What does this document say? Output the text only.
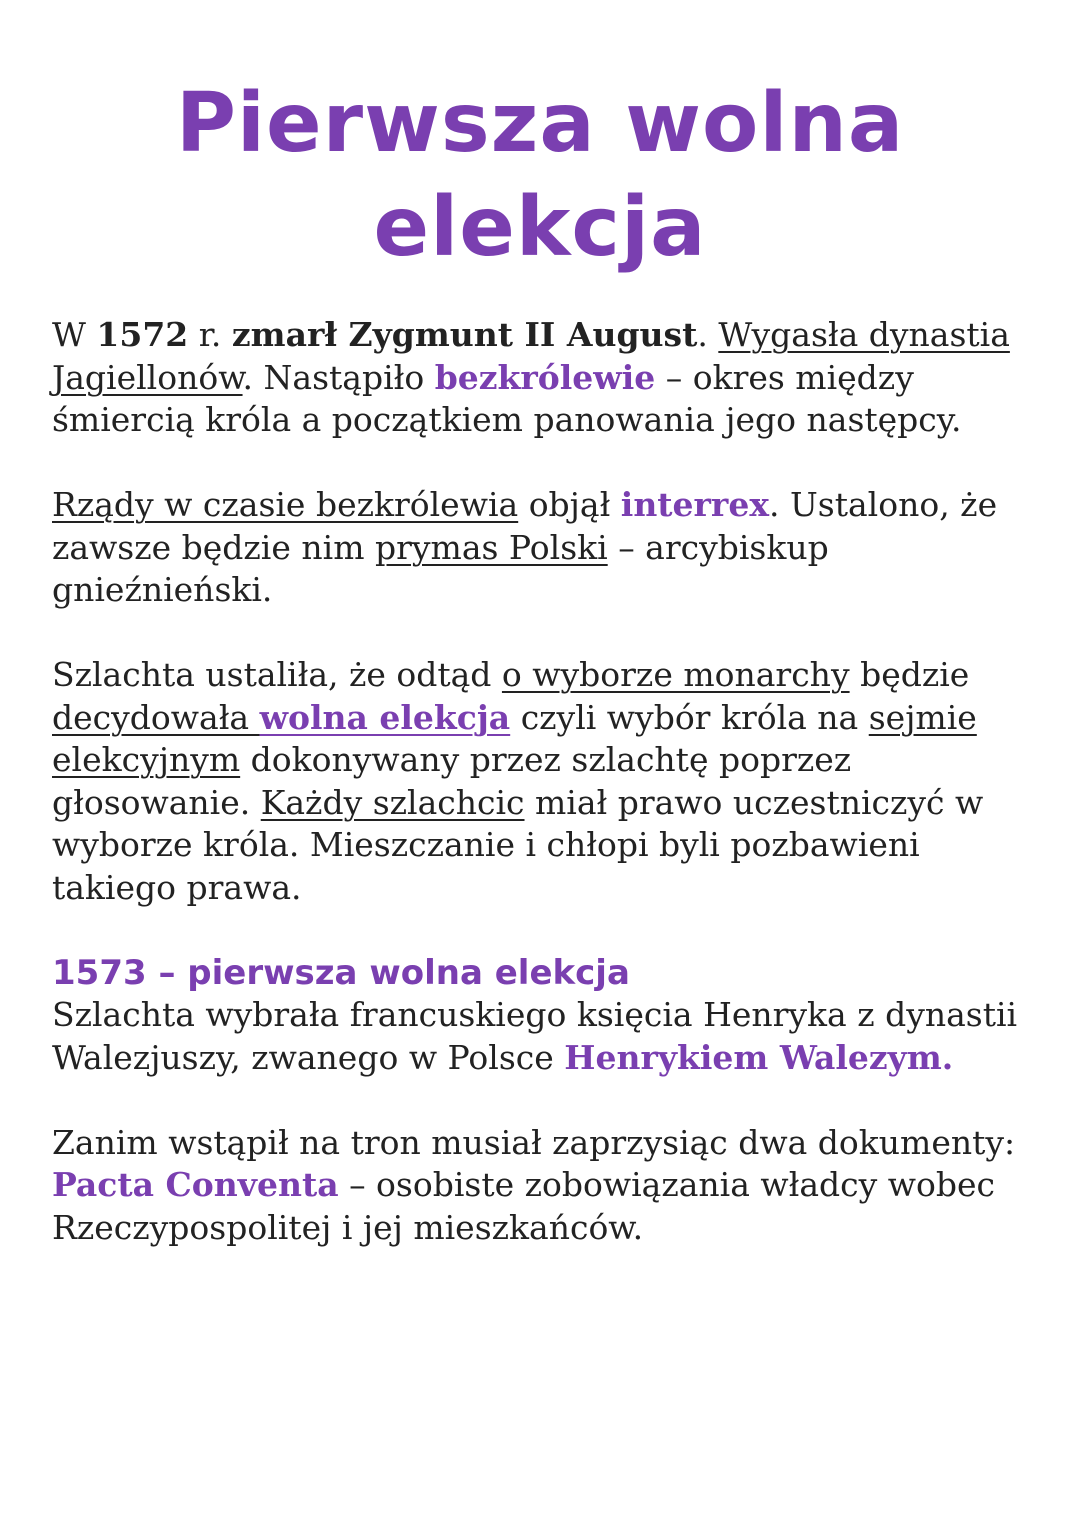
Pierwsza wolna
elekcja

W 1572 r. zmarł Zygmunt II August. Wygasła dynastia Jagiellonów. Nastąpiło bezkrólewie – okres między śmiercią króla a początkiem panowania jego następcy.

Rządy w czasie bezkrólewia objął interrex. Ustalono, że zawsze będzie nim prymas Polski – arcybiskup gnieźnieński.

Szlachta ustaliła, że odtąd o wyborze monarchy będzie decydowała wolna elekcja czyli wybór króla na sejmie elekcyjnym dokonywany przez szlachtę poprzez głosowanie. Każdy szlachcic miał prawo uczestniczyć w wyborze króla. Mieszczanie i chłopi byli pozbawieni takiego prawa.

1573 – pierwsza wolna elekcja
Szlachta wybrała francuskiego księcia Henryka z dynastii Walezjuszy, zwanego w Polsce Henrykiem Walezym.

Zanim wstąpił na tron musiał zaprzysiąc dwa dokumenty:
Pacta Conventa – osobiste zobowiązania władcy wobec Rzeczypospolitej i jej mieszkańców.
